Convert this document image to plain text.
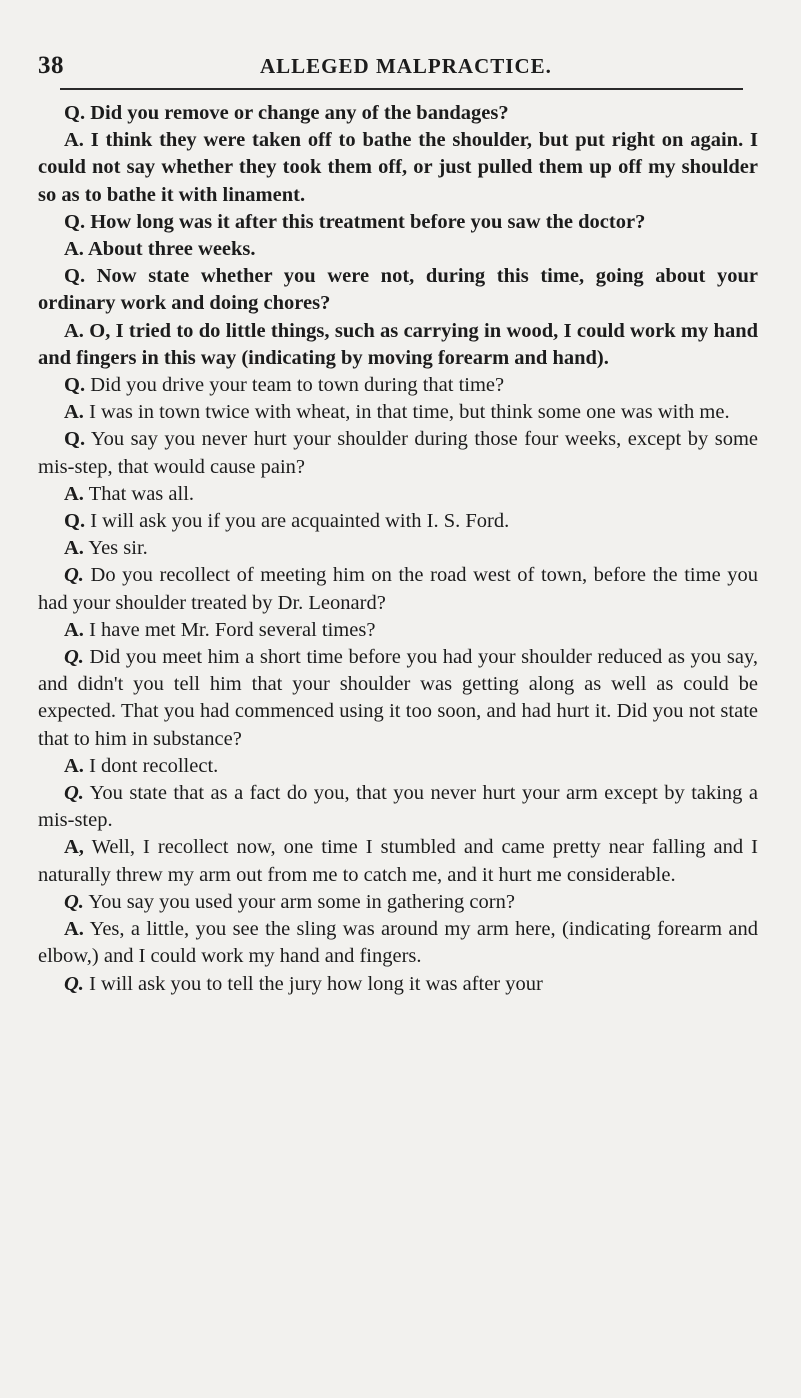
38	ALLEGED MALPRACTICE.

Q. Did you remove or change any of the bandages?

A. I think they were taken off to bathe the shoulder, but put right on again. I could not say whether they took them off, or just pulled them up off my shoulder so as to bathe it with linament.

Q. How long was it after this treatment before you saw the doctor?

A. About three weeks.

Q. Now state whether you were not, during this time, going about your ordinary work and doing chores?

A. O, I tried to do little things, such as carrying in wood, I could work my hand and fingers in this way (indicating by moving forearm and hand).

Q. Did you drive your team to town during that time?

A. I was in town twice with wheat, in that time, but think some one was with me.

Q. You say you never hurt your shoulder during those four weeks, except by some mis-step, that would cause pain?

A. That was all.

Q. I will ask you if you are acquainted with I. S. Ford.

A. Yes sir.

Q. Do you recollect of meeting him on the road west of town, before the time you had your shoulder treated by Dr. Leonard?

A. I have met Mr. Ford several times?

Q. Did you meet him a short time before you had your shoulder reduced as you say, and didn't you tell him that your shoulder was getting along as well as could be expected. That you had commenced using it too soon, and had hurt it. Did you not state that to him in substance?

A. I dont recollect.

Q. You state that as a fact do you, that you never hurt your arm except by taking a mis-step.

A, Well, I recollect now, one time I stumbled and came pretty near falling and I naturally threw my arm out from me to catch me, and it hurt me considerable.

Q. You say you used your arm some in gathering corn?

A. Yes, a little, you see the sling was around my arm here, (indicating forearm and elbow,) and I could work my hand and fingers.

Q. I will ask you to tell the jury how long it was after your
